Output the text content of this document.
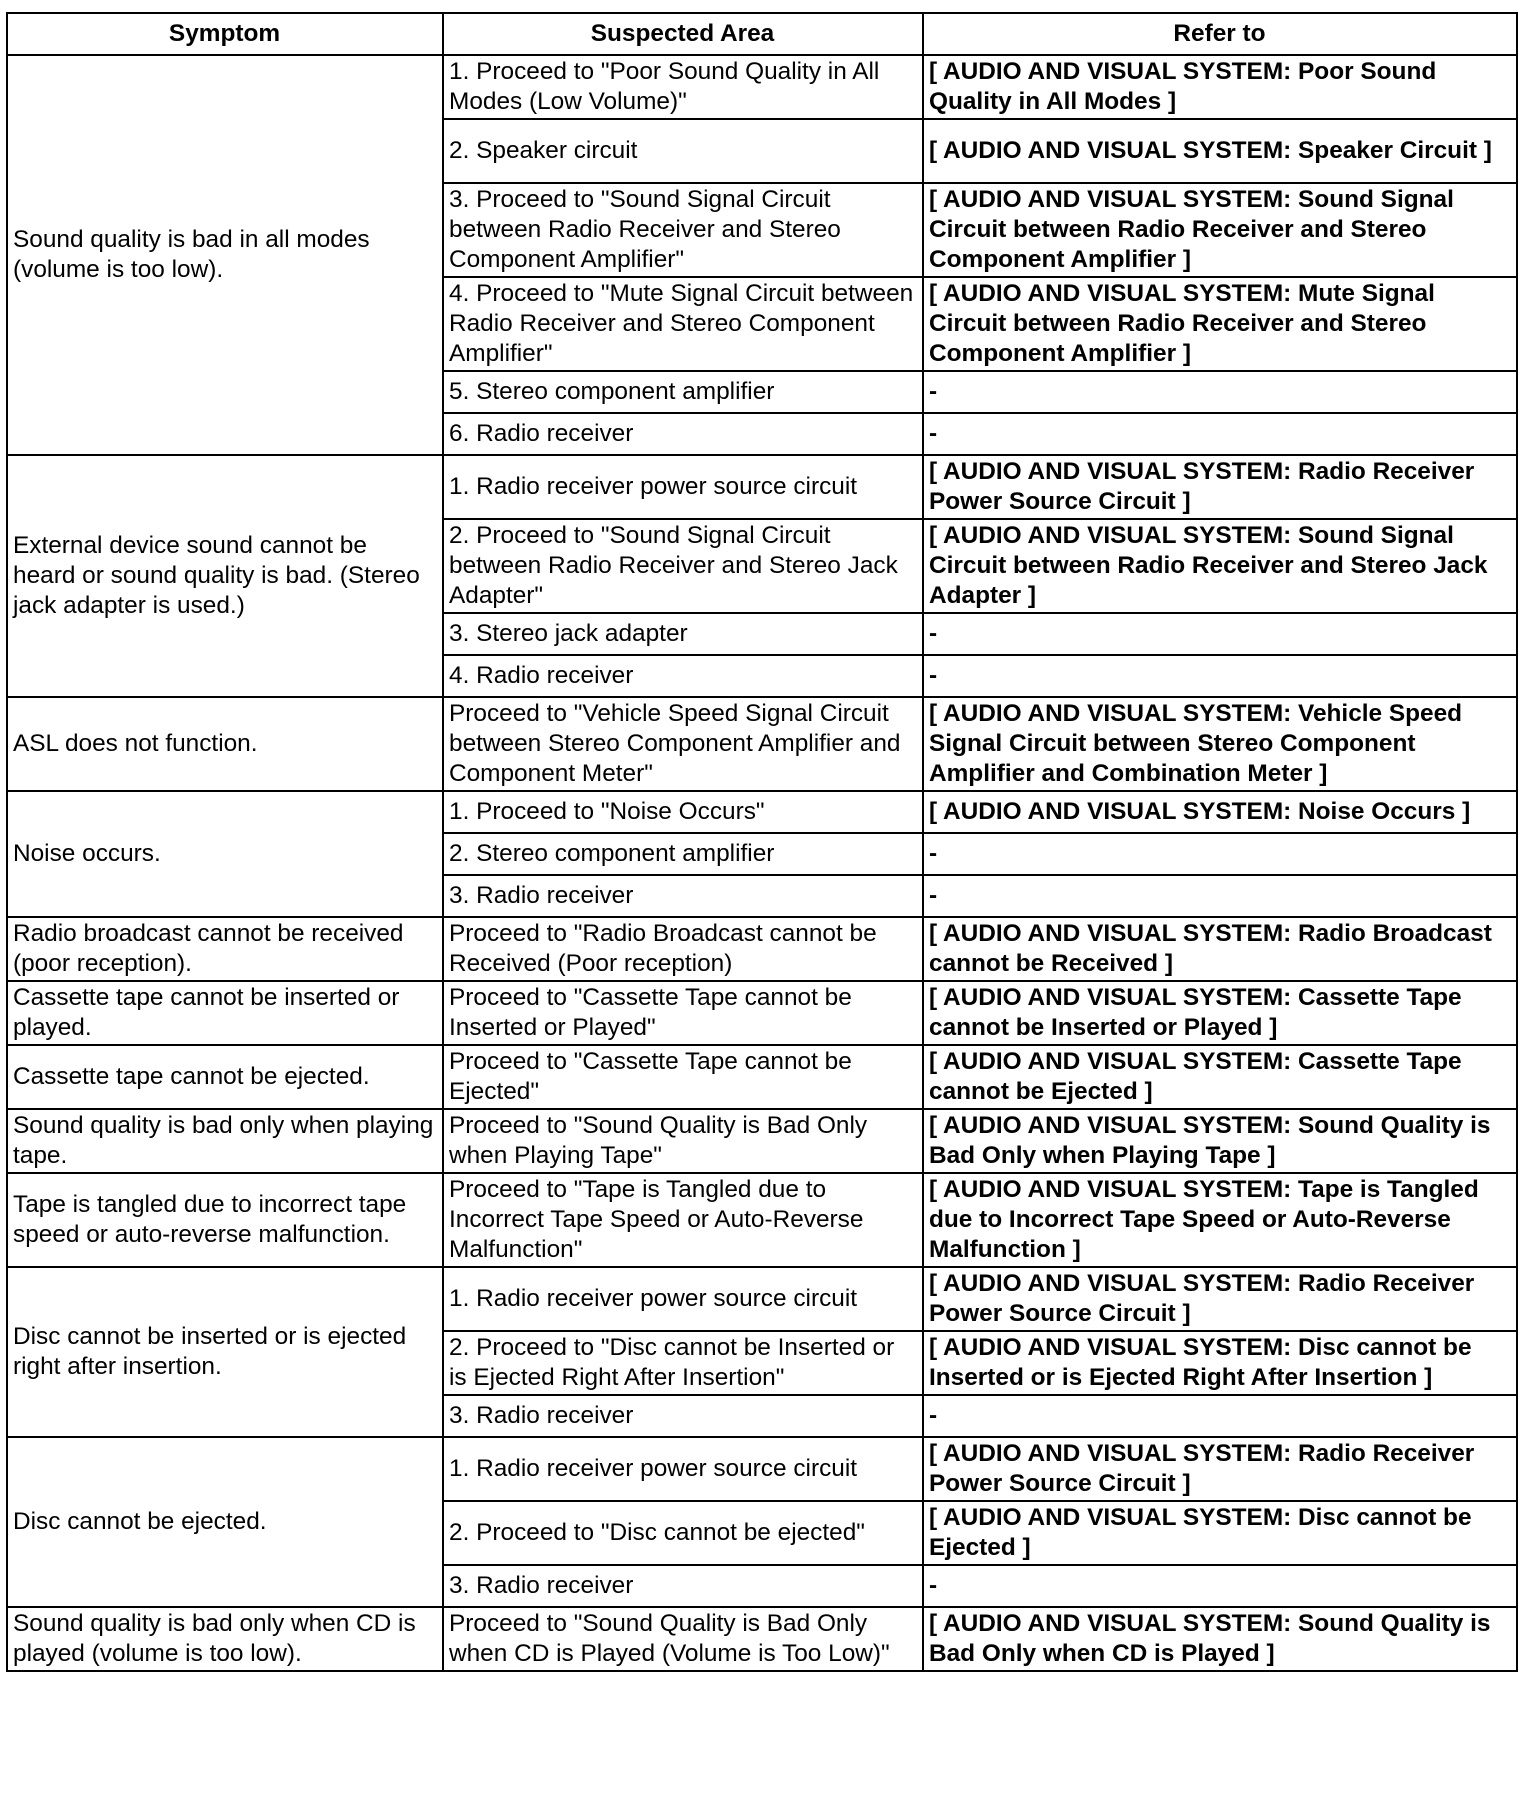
Symptom	Suspected Area	Refer to
Sound quality is bad in all modes (volume is too low).	1. Proceed to "Poor Sound Quality in All Modes (Low Volume)"	[ AUDIO AND VISUAL SYSTEM: Poor Sound Quality in All Modes ]
	2. Speaker circuit	[ AUDIO AND VISUAL SYSTEM: Speaker Circuit ]
	3. Proceed to "Sound Signal Circuit between Radio Receiver and Stereo Component Amplifier"	[ AUDIO AND VISUAL SYSTEM: Sound Signal Circuit between Radio Receiver and Stereo Component Amplifier ]
	4. Proceed to "Mute Signal Circuit between Radio Receiver and Stereo Component Amplifier"	[ AUDIO AND VISUAL SYSTEM: Mute Signal Circuit between Radio Receiver and Stereo Component Amplifier ]
	5. Stereo component amplifier	-
	6. Radio receiver	-
External device sound cannot be heard or sound quality is bad. (Stereo jack adapter is used.)	1. Radio receiver power source circuit	[ AUDIO AND VISUAL SYSTEM: Radio Receiver Power Source Circuit ]
	2. Proceed to "Sound Signal Circuit between Radio Receiver and Stereo Jack Adapter"	[ AUDIO AND VISUAL SYSTEM: Sound Signal Circuit between Radio Receiver and Stereo Jack Adapter ]
	3. Stereo jack adapter	-
	4. Radio receiver	-
ASL does not function.	Proceed to "Vehicle Speed Signal Circuit between Stereo Component Amplifier and Component Meter"	[ AUDIO AND VISUAL SYSTEM: Vehicle Speed Signal Circuit between Stereo Component Amplifier and Combination Meter ]
Noise occurs.	1. Proceed to "Noise Occurs"	[ AUDIO AND VISUAL SYSTEM: Noise Occurs ]
	2. Stereo component amplifier	-
	3. Radio receiver	-
Radio broadcast cannot be received (poor reception).	Proceed to "Radio Broadcast cannot be Received (Poor reception)	[ AUDIO AND VISUAL SYSTEM: Radio Broadcast cannot be Received ]
Cassette tape cannot be inserted or played.	Proceed to "Cassette Tape cannot be Inserted or Played"	[ AUDIO AND VISUAL SYSTEM: Cassette Tape cannot be Inserted or Played ]
Cassette tape cannot be ejected.	Proceed to "Cassette Tape cannot be Ejected"	[ AUDIO AND VISUAL SYSTEM: Cassette Tape cannot be Ejected ]
Sound quality is bad only when playing tape.	Proceed to "Sound Quality is Bad Only when Playing Tape"	[ AUDIO AND VISUAL SYSTEM: Sound Quality is Bad Only when Playing Tape ]
Tape is tangled due to incorrect tape speed or auto-reverse malfunction.	Proceed to "Tape is Tangled due to Incorrect Tape Speed or Auto-Reverse Malfunction"	[ AUDIO AND VISUAL SYSTEM: Tape is Tangled due to Incorrect Tape Speed or Auto-Reverse Malfunction ]
Disc cannot be inserted or is ejected right after insertion.	1. Radio receiver power source circuit	[ AUDIO AND VISUAL SYSTEM: Radio Receiver Power Source Circuit ]
	2. Proceed to "Disc cannot be Inserted or is Ejected Right After Insertion"	[ AUDIO AND VISUAL SYSTEM: Disc cannot be Inserted or is Ejected Right After Insertion ]
	3. Radio receiver	-
Disc cannot be ejected.	1. Radio receiver power source circuit	[ AUDIO AND VISUAL SYSTEM: Radio Receiver Power Source Circuit ]
	2. Proceed to "Disc cannot be ejected"	[ AUDIO AND VISUAL SYSTEM: Disc cannot be Ejected ]
	3. Radio receiver	-
Sound quality is bad only when CD is played (volume is too low).	Proceed to "Sound Quality is Bad Only when CD is Played (Volume is Too Low)"	[ AUDIO AND VISUAL SYSTEM: Sound Quality is Bad Only when CD is Played ]
